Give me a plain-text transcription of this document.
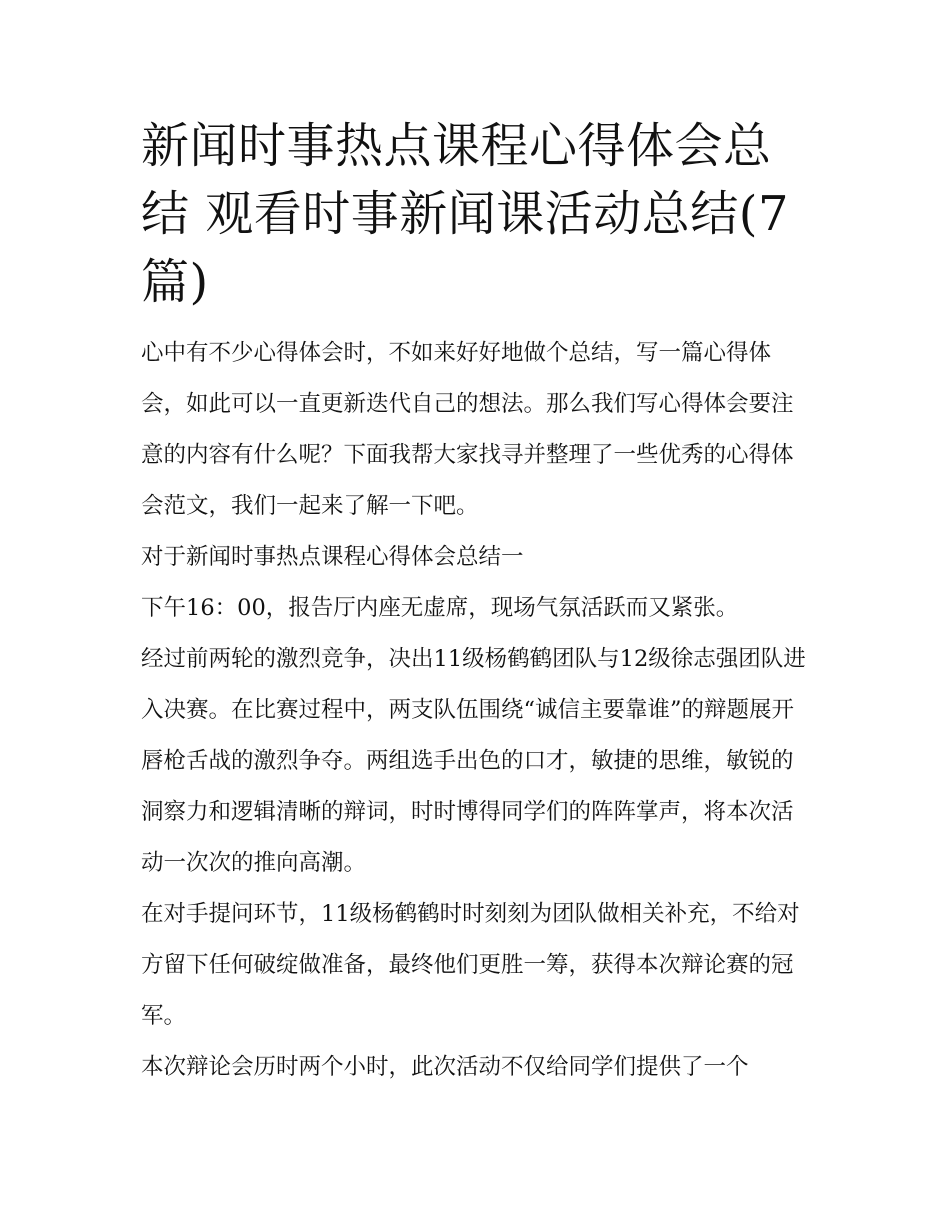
新闻时事热点课程心得体会总结 观看时事新闻课活动总结(7篇)

心中有不少心得体会时，不如来好好地做个总结，写一篇心得体会，如此可以一直更新迭代自己的想法。那么我们写心得体会要注意的内容有什么呢？下面我帮大家找寻并整理了一些优秀的心得体会范文，我们一起来了解一下吧。

对于新闻时事热点课程心得体会总结一

下午16：00，报告厅内座无虚席，现场气氛活跃而又紧张。

经过前两轮的激烈竞争，决出11级杨鹤鹤团队与12级徐志强团队进入决赛。在比赛过程中，两支队伍围绕“诚信主要靠谁”的辩题展开唇枪舌战的激烈争夺。两组选手出色的口才，敏捷的思维，敏锐的洞察力和逻辑清晰的辩词，时时博得同学们的阵阵掌声，将本次活动一次次的推向高潮。

在对手提问环节，11级杨鹤鹤时时刻刻为团队做相关补充，不给对方留下任何破绽做准备，最终他们更胜一筹，获得本次辩论赛的冠军。

本次辩论会历时两个小时，此次活动不仅给同学们提供了一个
